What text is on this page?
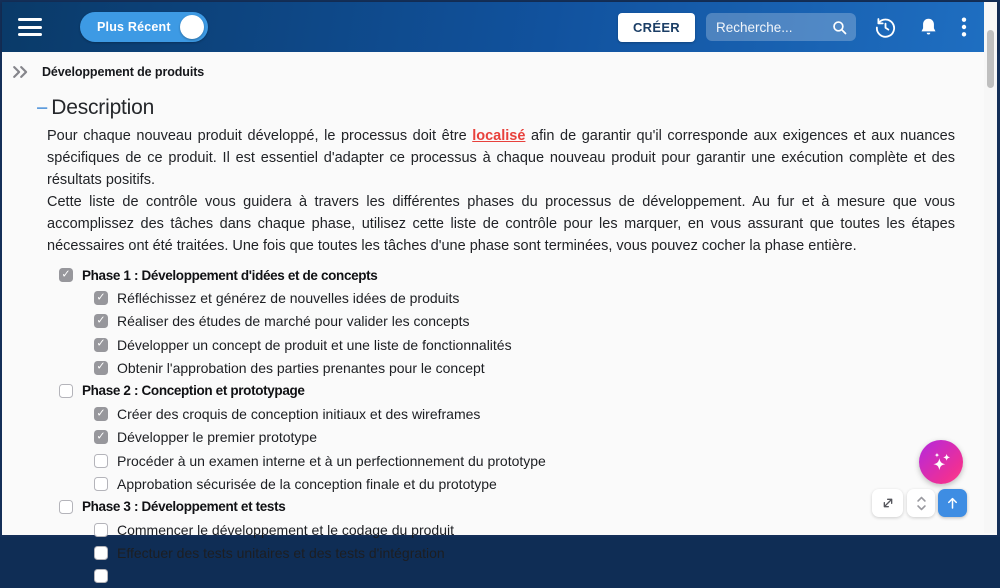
Plus Récent	CRÉER
Recherche...
Développement de produits
− Description

Pour chaque nouveau produit développé, le processus doit être localisé afin de garantir qu'il corresponde aux exigences et aux nuances spécifiques de ce produit. Il est essentiel d'adapter ce processus à chaque nouveau produit pour garantir une exécution complète et des résultats positifs.

Cette liste de contrôle vous guidera à travers les différentes phases du processus de développement. Au fur et à mesure que vous accomplissez des tâches dans chaque phase, utilisez cette liste de contrôle pour les marquer, en vous assurant que toutes les étapes nécessaires ont été traitées. Une fois que toutes les tâches d'une phase sont terminées, vous pouvez cocher la phase entière.

✓ Phase 1 : Développement d'idées et de concepts
✓ Réfléchissez et générez de nouvelles idées de produits
✓ Réaliser des études de marché pour valider les concepts
✓ Développer un concept de produit et une liste de fonctionnalités
✓ Obtenir l'approbation des parties prenantes pour le concept
Phase 2 : Conception et prototypage
✓ Créer des croquis de conception initiaux et des wireframes
✓ Développer le premier prototype
Procéder à un examen interne et à un perfectionnement du prototype
Approbation sécurisée de la conception finale et du prototype
Phase 3 : Développement et tests
Commencer le développement et le codage du produit
Effectuer des tests unitaires et des tests d'intégration
